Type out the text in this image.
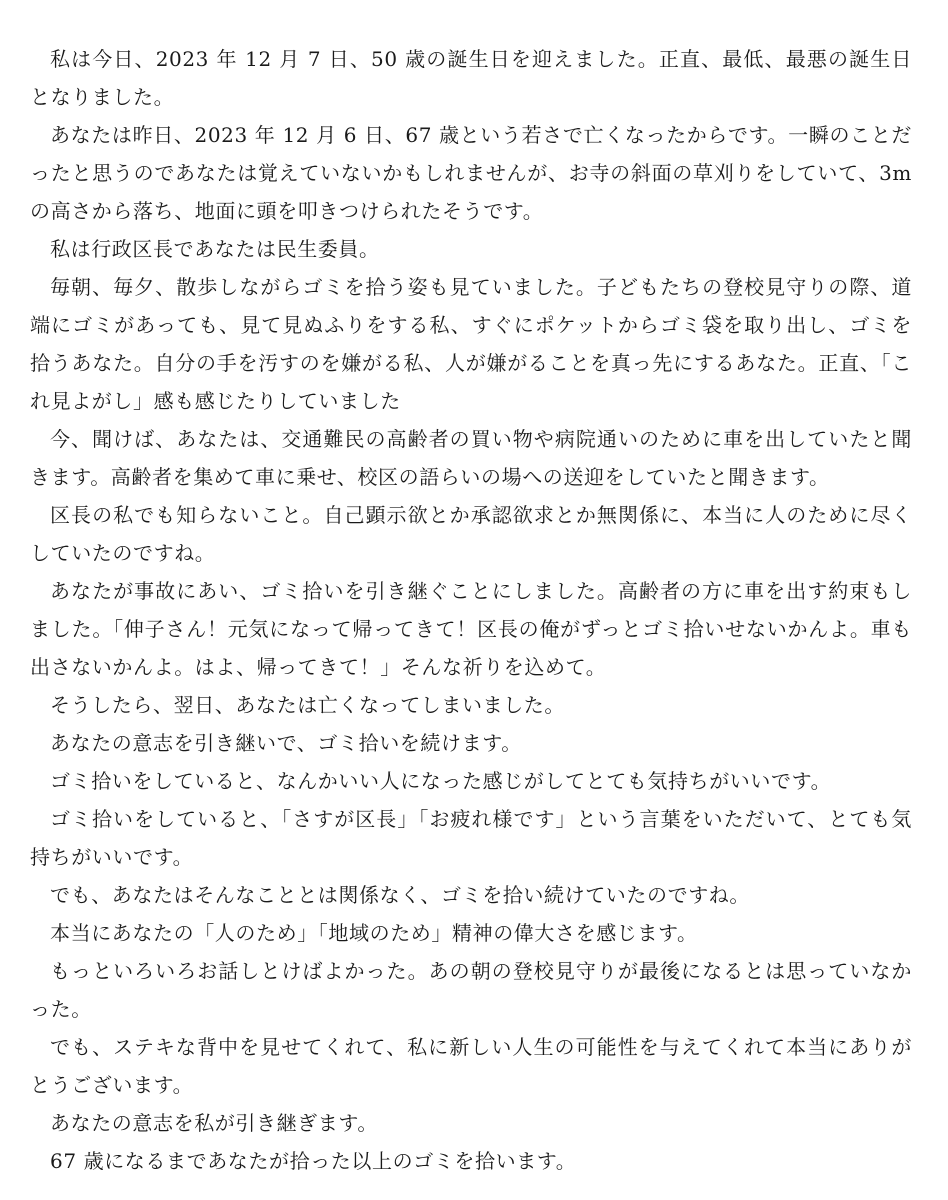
私は今日、2023 年 12 月 7 日、50 歳の誕生日を迎えました。正直、最低、最悪の誕生日となりました。

あなたは昨日、2023 年 12 月 6 日、67 歳という若さで亡くなったからです。一瞬のことだったと思うのであなたは覚えていないかもしれませんが、お寺の斜面の草刈りをしていて、3m の高さから落ち、地面に頭を叩きつけられたそうです。

私は行政区長であなたは民生委員。

毎朝、毎夕、散歩しながらゴミを拾う姿も見ていました。子どもたちの登校見守りの際、道端にゴミがあっても、見て見ぬふりをする私、すぐにポケットからゴミ袋を取り出し、ゴミを拾うあなた。自分の手を汚すのを嫌がる私、人が嫌がることを真っ先にするあなた。正直、「これ見よがし」感も感じたりしていました

今、聞けば、あなたは、交通難民の高齢者の買い物や病院通いのために車を出していたと聞きます。高齢者を集めて車に乗せ、校区の語らいの場への送迎をしていたと聞きます。

区長の私でも知らないこと。自己顕示欲とか承認欲求とか無関係に、本当に人のために尽くしていたのですね。

あなたが事故にあい、ゴミ拾いを引き継ぐことにしました。高齢者の方に車を出す約束もしました。「伸子さん！元気になって帰ってきて！区長の俺がずっとゴミ拾いせないかんよ。車も出さないかんよ。はよ、帰ってきて！」そんな祈りを込めて。

そうしたら、翌日、あなたは亡くなってしまいました。

あなたの意志を引き継いで、ゴミ拾いを続けます。

ゴミ拾いをしていると、なんかいい人になった感じがしてとても気持ちがいいです。

ゴミ拾いをしていると、「さすが区長」「お疲れ様です」という言葉をいただいて、とても気持ちがいいです。

でも、あなたはそんなこととは関係なく、ゴミを拾い続けていたのですね。

本当にあなたの「人のため」「地域のため」精神の偉大さを感じます。

もっといろいろお話しとけばよかった。あの朝の登校見守りが最後になるとは思っていなかった。

でも、ステキな背中を見せてくれて、私に新しい人生の可能性を与えてくれて本当にありがとうございます。

あなたの意志を私が引き継ぎます。

67 歳になるまであなたが拾った以上のゴミを拾います。
